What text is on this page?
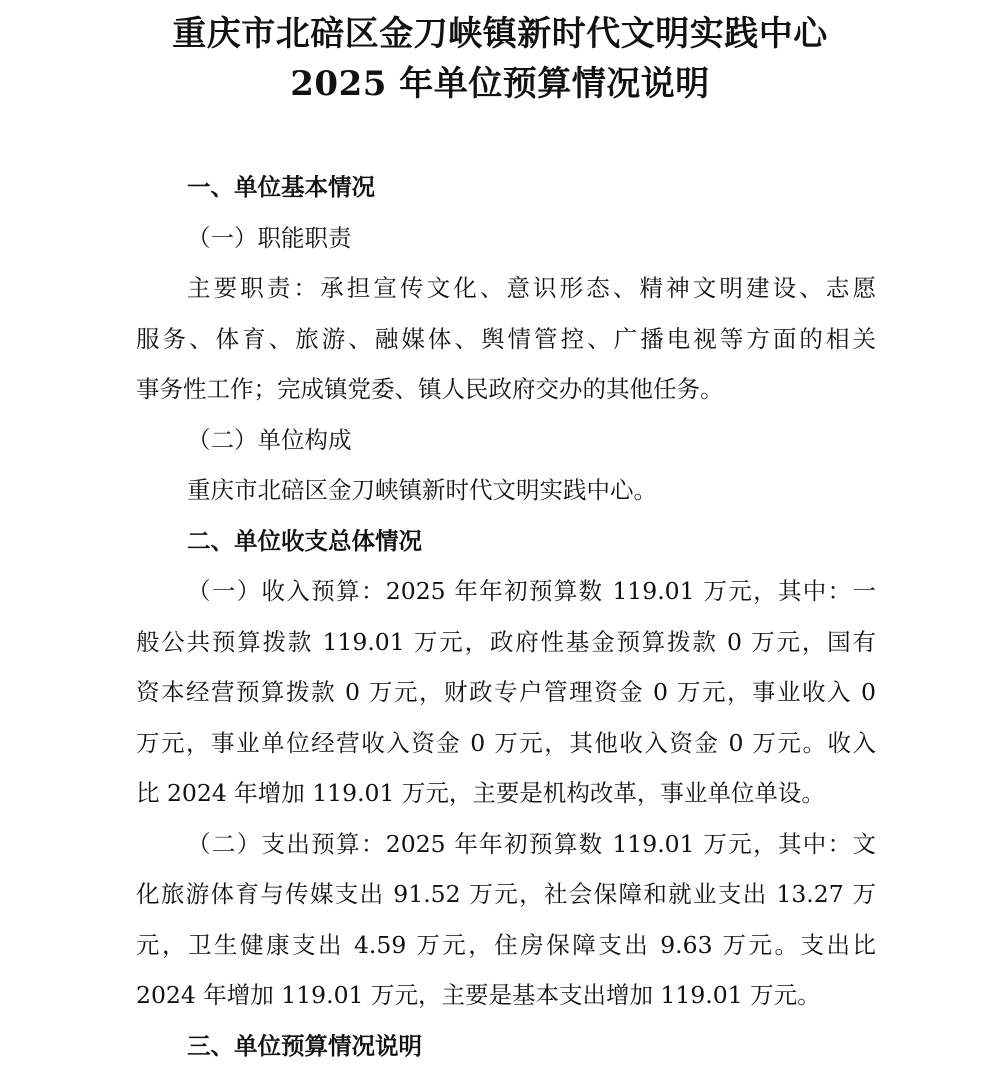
重庆市北碚区金刀峡镇新时代文明实践中心
2025 年单位预算情况说明
一、单位基本情况
（一）职能职责
主要职责：承担宣传文化、意识形态、精神文明建设、志愿
服务、体育、旅游、融媒体、舆情管控、广播电视等方面的相关
事务性工作；完成镇党委、镇人民政府交办的其他任务。
（二）单位构成
重庆市北碚区金刀峡镇新时代文明实践中心。
二、单位收支总体情况
（一）收入预算：2025 年年初预算数 119.01 万元，其中：一
般公共预算拨款 119.01 万元，政府性基金预算拨款 0 万元，国有
资本经营预算拨款 0 万元，财政专户管理资金 0 万元，事业收入 0
万元，事业单位经营收入资金 0 万元，其他收入资金 0 万元。收入
比 2024 年增加 119.01 万元，主要是机构改革，事业单位单设。
（二）支出预算：2025 年年初预算数 119.01 万元，其中：文
化旅游体育与传媒支出 91.52 万元，社会保障和就业支出 13.27 万
元，卫生健康支出 4.59 万元，住房保障支出 9.63 万元。支出比
2024 年增加 119.01 万元，主要是基本支出增加 119.01 万元。
三、单位预算情况说明
